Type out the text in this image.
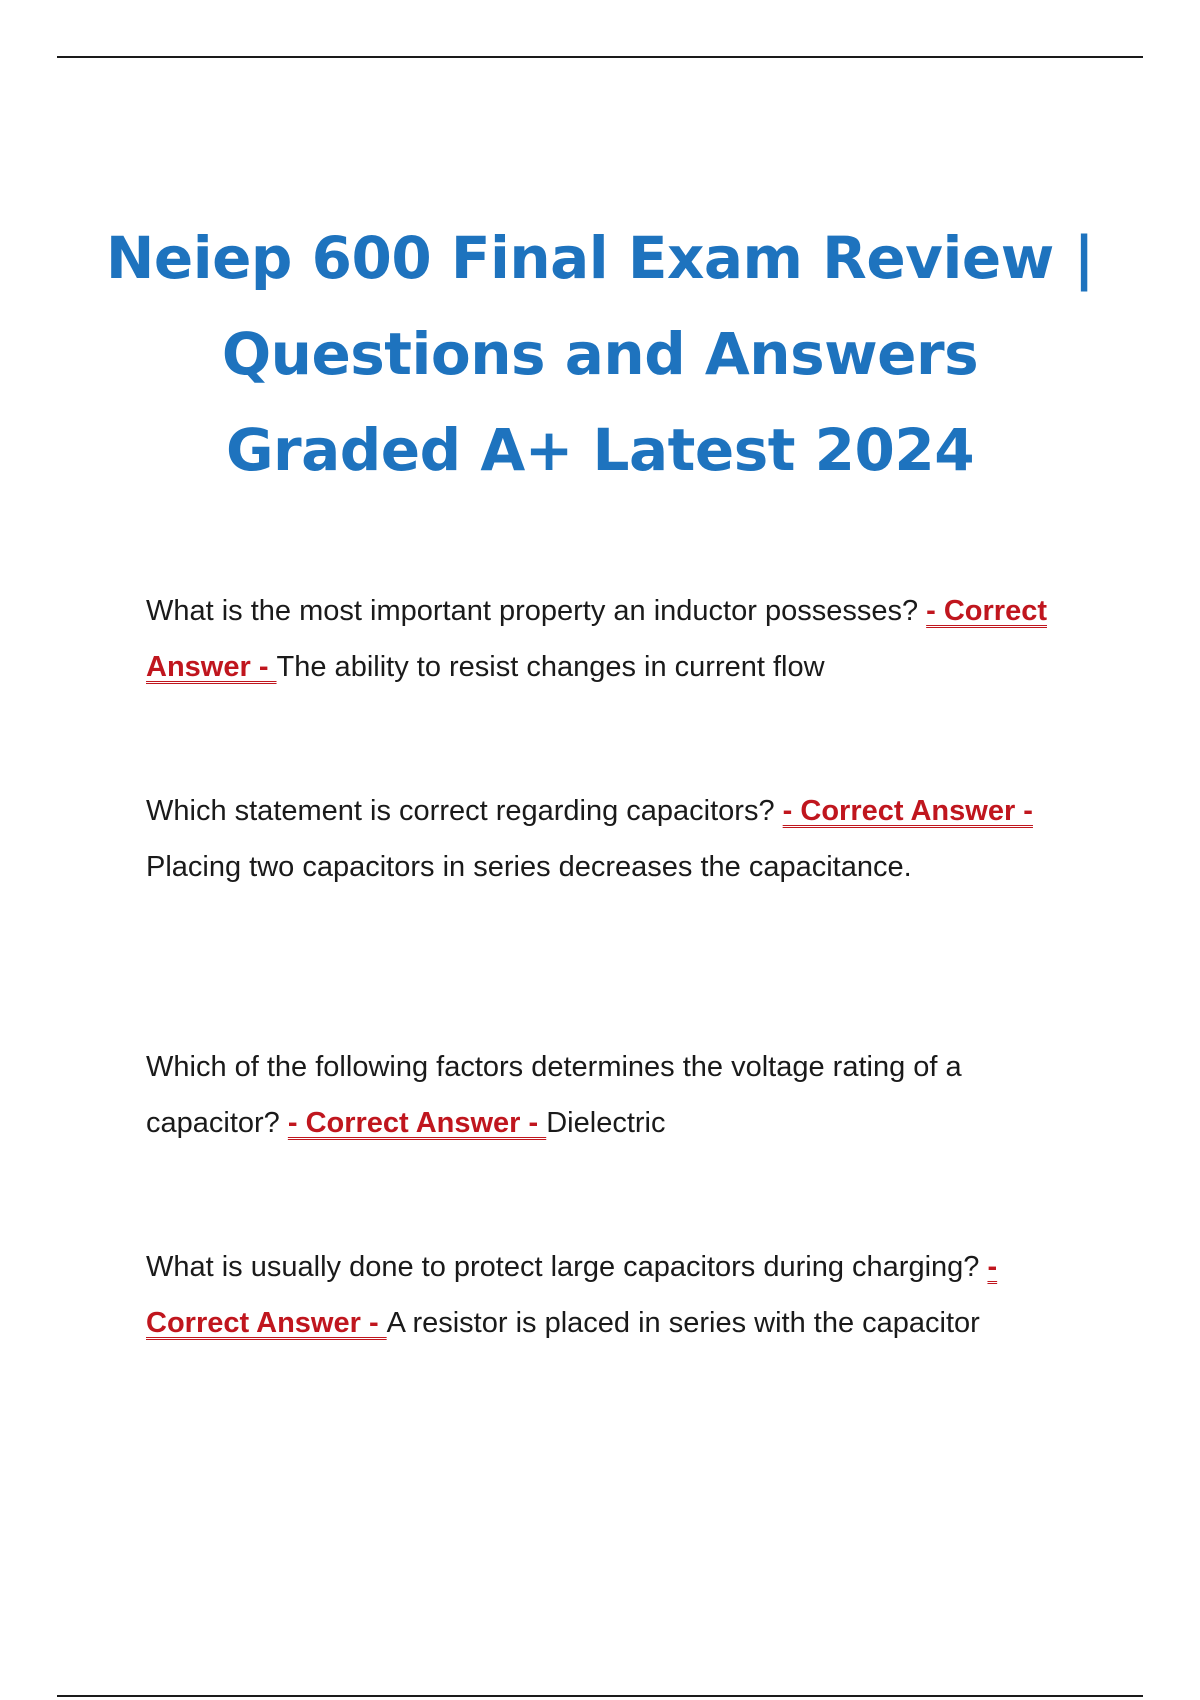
Neiep 600 Final Exam Review | Questions and Answers Graded A+ Latest 2024

What is the most important property an inductor possesses? - Correct Answer - The ability to resist changes in current flow

Which statement is correct regarding capacitors? - Correct Answer - Placing two capacitors in series decreases the capacitance.

Which of the following factors determines the voltage rating of a capacitor? - Correct Answer - Dielectric

What is usually done to protect large capacitors during charging? - Correct Answer - A resistor is placed in series with the capacitor
